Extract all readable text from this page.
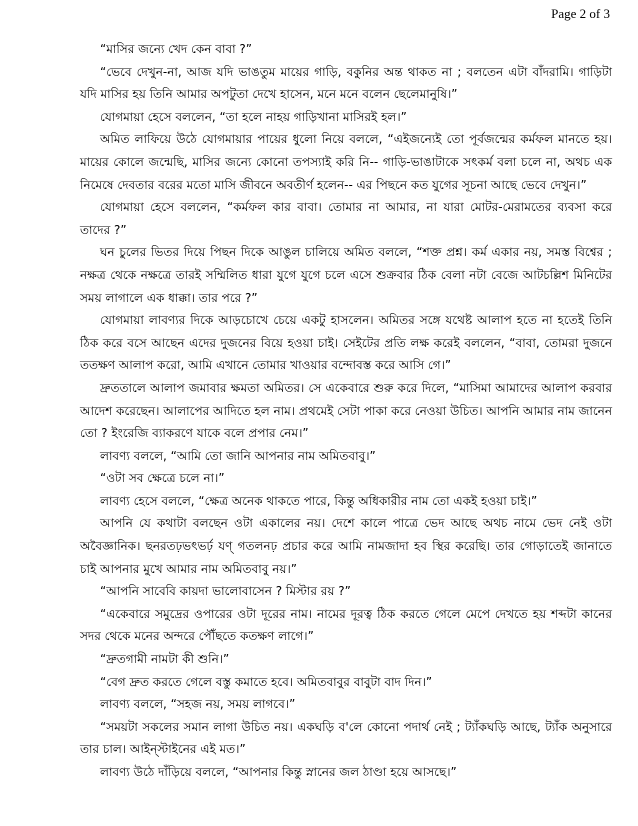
Page 2 of 3

“মাসির জন্যে খেদ কেন বাবা ?”

“ভেবে দেখুন-না, আজ যদি ভাঙতুম মায়ের গাড়ি, বকুনির অন্ত থাকত না ; বলতেন এটা বাঁদরামি। গাড়িটা যদি মাসির হয় তিনি আমার অপটুতা দেখে হাসেন, মনে মনে বলেন ছেলেমানুষি।”

যোগমায়া হেসে বললেন, “তা হলে নাহয় গাড়িখানা মাসিরই হল।”

অমিত লাফিয়ে উঠে যোগমায়ার পায়ের ধুলো নিয়ে বললে, “এইজন্যেই তো পূর্বজন্মের কর্মফল মানতে হয়। মায়ের কোলে জন্মেছি, মাসির জন্যে কোনো তপস্যাই করি নি-- গাড়ি-ভাঙাটাকে সৎকর্ম বলা চলে না, অথচ এক নিমেষে দেবতার বরের মতো মাসি জীবনে অবতীর্ণ হলেন-- এর পিছনে কত যুগের সূচনা আছে ভেবে দেখুন।”

যোগমায়া হেসে বললেন, “কর্মফল কার বাবা। তোমার না আমার, না যারা মোটর-মেরামতের ব্যবসা করে তাদের ?”

ঘন চুলের ভিতর দিয়ে পিছন দিকে আঙুল চালিয়ে অমিত বললে, “শক্ত প্রশ্ন। কর্ম একার নয়, সমস্ত বিশ্বের ; নক্ষত্র থেকে নক্ষত্রে তারই সম্মিলিত ধারা যুগে যুগে চলে এসে শুক্রবার ঠিক বেলা নটা বেজে আটচল্লিশ মিনিটের সময় লাগালে এক ধাক্কা। তার পরে ?”

যোগমায়া লাবণ্যর দিকে আড়চোখে চেয়ে একটু হাসলেন। অমিতর সঙ্গে যথেষ্ট আলাপ হতে না হতেই তিনি ঠিক করে বসে আছেন এদের দুজনের বিয়ে হওয়া চাই। সেইটের প্রতি লক্ষ করেই বললেন, “বাবা, তোমরা দুজনে ততক্ষণ আলাপ করো, আমি এখানে তোমার খাওয়ার বন্দোবস্ত করে আসি গে।”

দ্রুততালে আলাপ জমাবার ক্ষমতা অমিতর। সে একেবারে শুরু করে দিলে, “মাসিমা আমাদের আলাপ করবার আদেশ করেছেন। আলাপের আদিতে হল নাম। প্রথমেই সেটা পাকা করে নেওয়া উচিত। আপনি আমার নাম জানেন তো ? ইংরেজি ব্যাকরণে যাকে বলে প্রপার নেম।”

লাবণ্য বললে, “আমি তো জানি আপনার নাম অমিতবাবু।”

“ওটা সব ক্ষেত্রে চলে না।”

লাবণ্য হেসে বললে, “ক্ষেত্র অনেক থাকতে পারে, কিন্তু অধিকারীর নাম তো একই হওয়া চাই।”

আপনি যে কথাটা বলছেন ওটা একালের নয়। দেশে কালে পাত্রে ভেদ আছে অথচ নামে ভেদ নেই ওটা অবৈজ্ঞানিক। ছনরতঢ়ভৎভর্ঢ় যণ্ গতলনঢ় প্রচার করে আমি নামজাদা হব স্থির করেছি। তার গোড়াতেই জানাতে চাই আপনার মুখে আমার নাম অমিতবাবু নয়।”

“আপনি সাবেবি কায়দা ভালোবাসেন ? মিস্টার রয় ?”

“একেবারে সমুদ্রের ওপারের ওটা দূরের নাম। নামের দূরত্ব ঠিক করতে গেলে মেপে দেখতে হয় শব্দটা কানের সদর থেকে মনের অন্দরে পৌঁছতে কতক্ষণ লাগে।”

“দ্রুতগামী নামটা কী শুনি।”

“বেগ দ্রুত করতে গেলে বস্তু কমাতে হবে। অমিতবাবুর বাবুটা বাদ দিন।”

লাবণ্য বললে, “সহজ নয়, সময় লাগবে।”

“সময়টা সকলের সমান লাগা উচিত নয়। একঘড়ি ব'লে কোনো পদার্থ নেই ; ট্যাঁকঘড়ি আছে, ট্যাঁক অনুসারে তার চাল। আইন্‌স্টাইনের এই মত।”

লাবণ্য উঠে দাঁড়িয়ে বললে, “আপনার কিন্তু স্নানের জল ঠাণ্ডা হয়ে আসছে।”
